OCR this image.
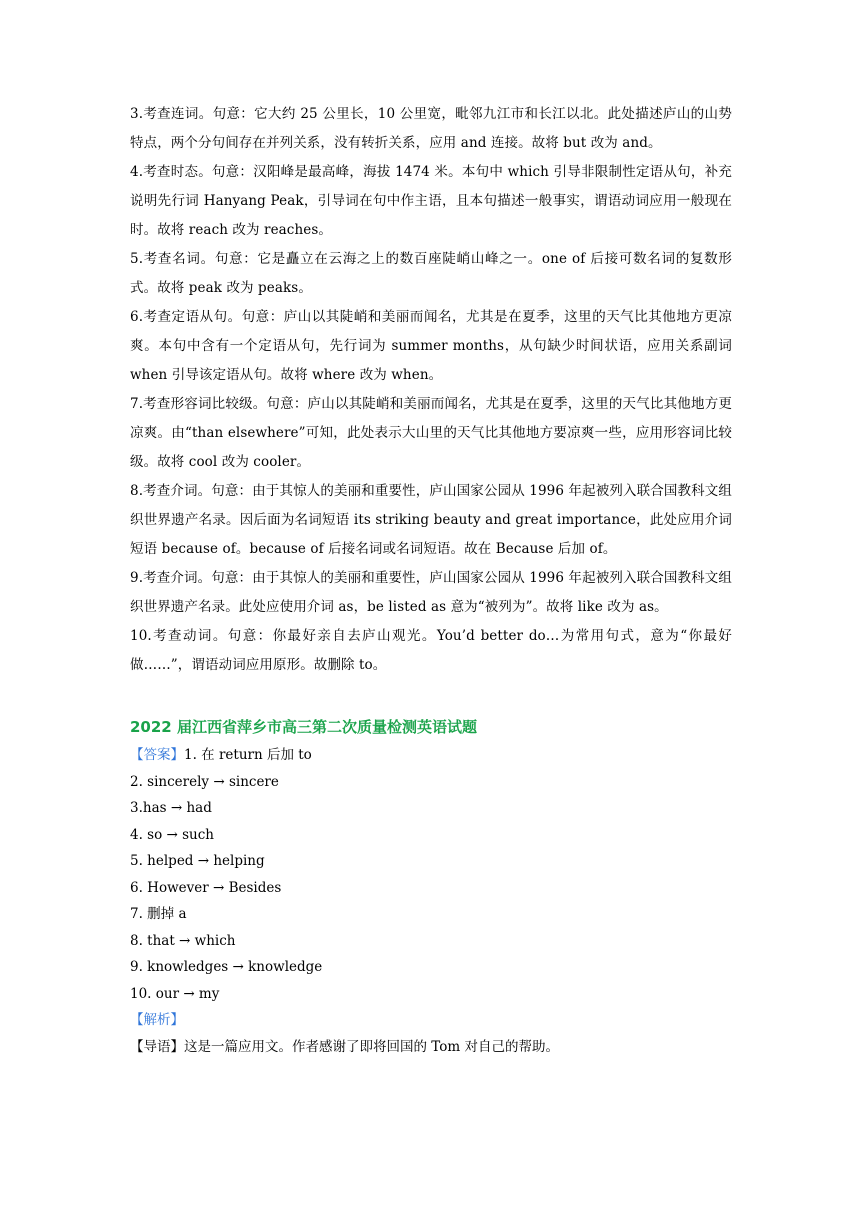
3.考查连词。句意：它大约 25 公里长，10 公里宽，毗邻九江市和长江以北。此处描述庐山的山势特点，两个分句间存在并列关系，没有转折关系，应用 and 连接。故将 but 改为 and。

4.考查时态。句意：汉阳峰是最高峰，海拔 1474 米。本句中 which 引导非限制性定语从句，补充说明先行词 Hanyang Peak，引导词在句中作主语，且本句描述一般事实，谓语动词应用一般现在时。故将 reach 改为 reaches。

5.考查名词。句意：它是矗立在云海之上的数百座陡峭山峰之一。one of 后接可数名词的复数形式。故将 peak 改为 peaks。

6.考查定语从句。句意：庐山以其陡峭和美丽而闻名，尤其是在夏季，这里的天气比其他地方更凉爽。本句中含有一个定语从句，先行词为 summer months，从句缺少时间状语，应用关系副词 when 引导该定语从句。故将 where 改为 when。

7.考查形容词比较级。句意：庐山以其陡峭和美丽而闻名，尤其是在夏季，这里的天气比其他地方更凉爽。由“than elsewhere”可知，此处表示大山里的天气比其他地方要凉爽一些，应用形容词比较级。故将 cool 改为 cooler。

8.考查介词。句意：由于其惊人的美丽和重要性，庐山国家公园从 1996 年起被列入联合国教科文组织世界遗产名录。因后面为名词短语 its striking beauty and great importance，此处应用介词短语 because of。because of 后接名词或名词短语。故在 Because 后加 of。

9.考查介词。句意：由于其惊人的美丽和重要性，庐山国家公园从 1996 年起被列入联合国教科文组织世界遗产名录。此处应使用介词 as，be listed as 意为“被列为”。故将 like 改为 as。

10.考查动词。句意：你最好亲自去庐山观光。You’d better do…为常用句式，意为“你最好做……”，谓语动词应用原形。故删除 to。

2022 届江西省萍乡市高三第二次质量检测英语试题

【答案】1. 在 return 后加 to

2. sincerely → sincere

3.has → had

4. so → such

5. helped → helping

6. However → Besides

7. 删掉 a

8. that → which

9. knowledges → knowledge

10. our → my

【解析】

【导语】这是一篇应用文。作者感谢了即将回国的 Tom 对自己的帮助。
